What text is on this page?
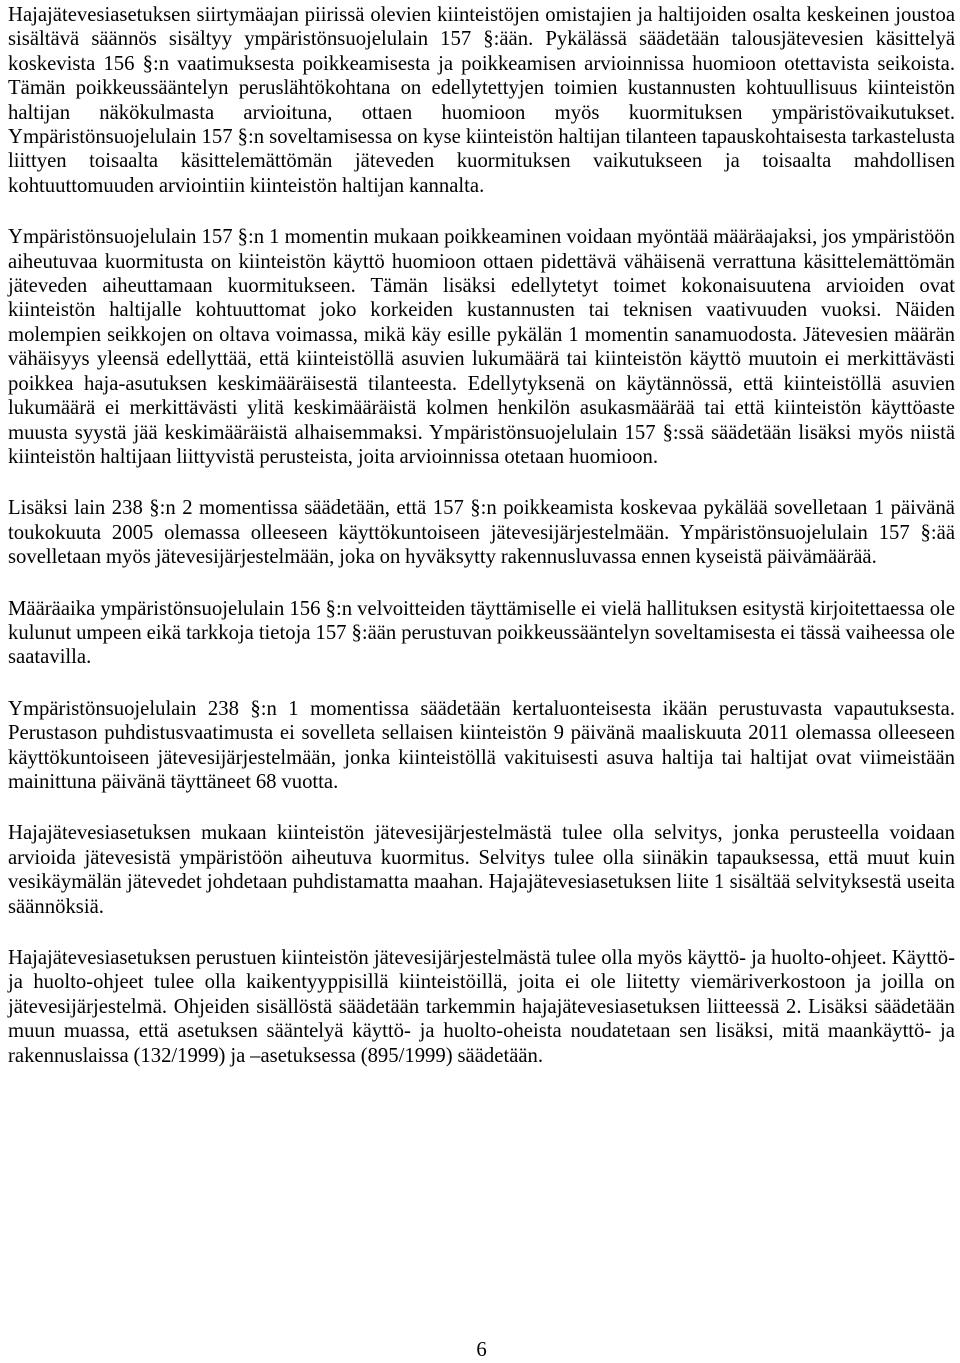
Hajajätevesiasetuksen siirtymäajan piirissä olevien kiinteistöjen omistajien ja haltijoiden osalta keskeinen joustoa sisältävä säännös sisältyy ympäristönsuojelulain 157 §:ään. Pykälässä säädetään talousjätevesien käsittelyä koskevista 156 §:n vaatimuksesta poikkeamisesta ja poikkeamisen arvioinnissa huomioon otettavista seikoista. Tämän poikkeussääntelyn peruslähtökohtana on edellytettyjen toimien kustannusten kohtuullisuus kiinteistön haltijan näkökulmasta arvioituna, ottaen huomioon myös kuormituksen ympäristövaikutukset. Ympäristönsuojelulain 157 §:n soveltamisessa on kyse kiinteistön haltijan tilanteen tapauskohtaisesta tarkastelusta liittyen toisaalta käsittelemättömän jäteveden kuormituksen vaikutukseen ja toisaalta mahdollisen kohtuuttomuuden arviointiin kiinteistön haltijan kannalta.

Ympäristönsuojelulain 157 §:n 1 momentin mukaan poikkeaminen voidaan myöntää määräajaksi, jos ympäristöön aiheutuvaa kuormitusta on kiinteistön käyttö huomioon ottaen pidettävä vähäisenä verrattuna käsittelemättömän jäteveden aiheuttamaan kuormitukseen. Tämän lisäksi edellytetyt toimet kokonaisuutena arvioiden ovat kiinteistön haltijalle kohtuuttomat joko korkeiden kustannusten tai teknisen vaativuuden vuoksi. Näiden molempien seikkojen on oltava voimassa, mikä käy esille pykälän 1 momentin sanamuodosta. Jätevesien määrän vähäisyys yleensä edellyttää, että kiinteistöllä asuvien lukumäärä tai kiinteistön käyttö muutoin ei merkittävästi poikkea haja-asutuksen keskimääräisestä tilanteesta. Edellytyksenä on käytännössä, että kiinteistöllä asuvien lukumäärä ei merkittävästi ylitä keskimääräistä kolmen henkilön asukasmäärää tai että kiinteistön käyttöaste muusta syystä jää keskimääräistä alhaisemmaksi. Ympäristönsuojelulain 157 §:ssä säädetään lisäksi myös niistä kiinteistön haltijaan liittyvistä perusteista, joita arvioinnissa otetaan huomioon.

Lisäksi lain 238 §:n 2 momentissa säädetään, että 157 §:n poikkeamista koskevaa pykälää sovelletaan 1 päivänä toukokuuta 2005 olemassa olleeseen käyttökuntoiseen jätevesijärjestelmään. Ympäristönsuojelulain 157 §:ää sovelletaan myös jätevesijärjestelmään, joka on hyväksytty rakennusluvassa ennen kyseistä päivämäärää.

Määräaika ympäristönsuojelulain 156 §:n velvoitteiden täyttämiselle ei vielä hallituksen esitystä kirjoitettaessa ole kulunut umpeen eikä tarkkoja tietoja 157 §:ään perustuvan poikkeussääntelyn soveltamisesta ei tässä vaiheessa ole saatavilla.

Ympäristönsuojelulain 238 §:n 1 momentissa säädetään kertaluonteisesta ikään perustuvasta vapautuksesta. Perustason puhdistusvaatimusta ei sovelleta sellaisen kiinteistön 9 päivänä maaliskuuta 2011 olemassa olleeseen käyttökuntoiseen jätevesijärjestelmään, jonka kiinteistöllä vakituisesti asuva haltija tai haltijat ovat viimeistään mainittuna päivänä täyttäneet 68 vuotta.

Hajajätevesiasetuksen mukaan kiinteistön jätevesijärjestelmästä tulee olla selvitys, jonka perusteella voidaan arvioida jätevesistä ympäristöön aiheutuva kuormitus. Selvitys tulee olla siinäkin tapauksessa, että muut kuin vesikäymälän jätevedet johdetaan puhdistamatta maahan. Hajajätevesiasetuksen liite 1 sisältää selvityksestä useita säännöksiä.

Hajajätevesiasetuksen perustuen kiinteistön jätevesijärjestelmästä tulee olla myös käyttö- ja huolto-ohjeet. Käyttö- ja huolto-ohjeet tulee olla kaikentyyppisillä kiinteistöillä, joita ei ole liitetty viemäriverkostoon ja joilla on jätevesijärjestelmä. Ohjeiden sisällöstä säädetään tarkemmin hajajätevesiasetuksen liitteessä 2. Lisäksi säädetään muun muassa, että asetuksen sääntelyä käyttö- ja huolto-oheista noudatetaan sen lisäksi, mitä maankäyttö- ja rakennuslaissa (132/1999) ja –asetuksessa (895/1999) säädetään.

6
